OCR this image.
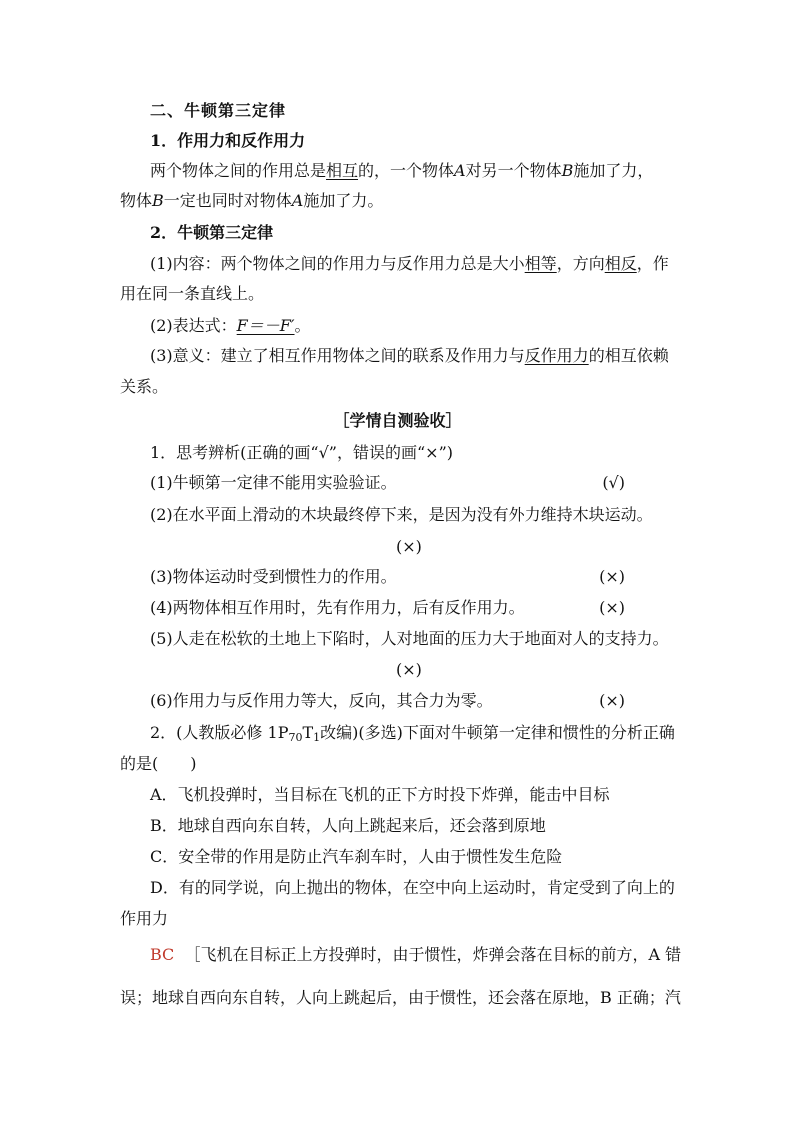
二、牛顿第三定律
1．作用力和反作用力
两个物体之间的作用总是相互的，一个物体A对另一个物体B施加了力，
物体B一定也同时对物体A施加了力。
2．牛顿第三定律
(1)内容：两个物体之间的作用力与反作用力总是大小相等，方向相反，作
用在同一条直线上。
(2)表达式：F＝－F′。
(3)意义：建立了相互作用物体之间的联系及作用力与反作用力的相互依赖
关系。
［学情自测验收］
1．思考辨析(正确的画“√”，错误的画“×”)
(1)牛顿第一定律不能用实验验证。	(√)
(2)在水平面上滑动的木块最终停下来，是因为没有外力维持木块运动。
(×)
(3)物体运动时受到惯性力的作用。	(×)
(4)两物体相互作用时，先有作用力，后有反作用力。	(×)
(5)人走在松软的土地上下陷时，人对地面的压力大于地面对人的支持力。
(×)
(6)作用力与反作用力等大，反向，其合力为零。	(×)
2．(人教版必修 $1P_{70}T_1$改编)(多选)下面对牛顿第一定律和惯性的分析正确
的是(　　)
A．飞机投弹时，当目标在飞机的正下方时投下炸弹，能击中目标
B．地球自西向东自转，人向上跳起来后，还会落到原地
C．安全带的作用是防止汽车刹车时，人由于惯性发生危险
D．有的同学说，向上抛出的物体，在空中向上运动时，肯定受到了向上的
作用力
BC ［飞机在目标正上方投弹时，由于惯性，炸弹会落在目标的前方，A 错
误；地球自西向东自转，人向上跳起后，由于惯性，还会落在原地，B 正确；汽
